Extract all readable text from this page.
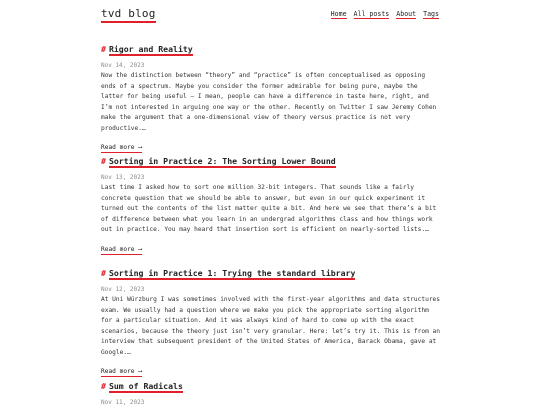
tvd blog	Home All posts About Tags
# Rigor and Reality
Nov 14, 2023
Now the distinction between “theory” and “practice” is often conceptualised as opposing ends of a spectrum. Maybe you consider the former admirable for being pure, maybe the latter for being useful – I mean, people can have a difference in taste here, right, and I’m not interested in arguing one way or the other. Recently on Twitter I saw Jeremy Cohen make the argument that a one-dimensional view of theory versus practice is not very productive.…
Read more ⟶
# Sorting in Practice 2: The Sorting Lower Bound
Nov 13, 2023
Last time I asked how to sort one million 32-bit integers. That sounds like a fairly concrete question that we should be able to answer, but even in our quick experiment it turned out the contents of the list matter quite a bit. And here we see that there’s a bit of difference between what you learn in an undergrad algorithms class and how things work out in practice. You may heard that insertion sort is efficient on nearly-sorted lists.…
Read more ⟶
# Sorting in Practice 1: Trying the standard library
Nov 12, 2023
At Uni Würzburg I was sometimes involved with the first-year algorithms and data structures exam. We usually had a question where we make you pick the appropriate sorting algorithm for a particular situation. And it was always kind of hard to come up with the exact scenarios, because the theory just isn’t very granular. Here: let’s try it. This is from an interview that subsequent president of the United States of America, Barack Obama, gave at Google.…
Read more ⟶
# Sum of Radicals
Nov 11, 2023
